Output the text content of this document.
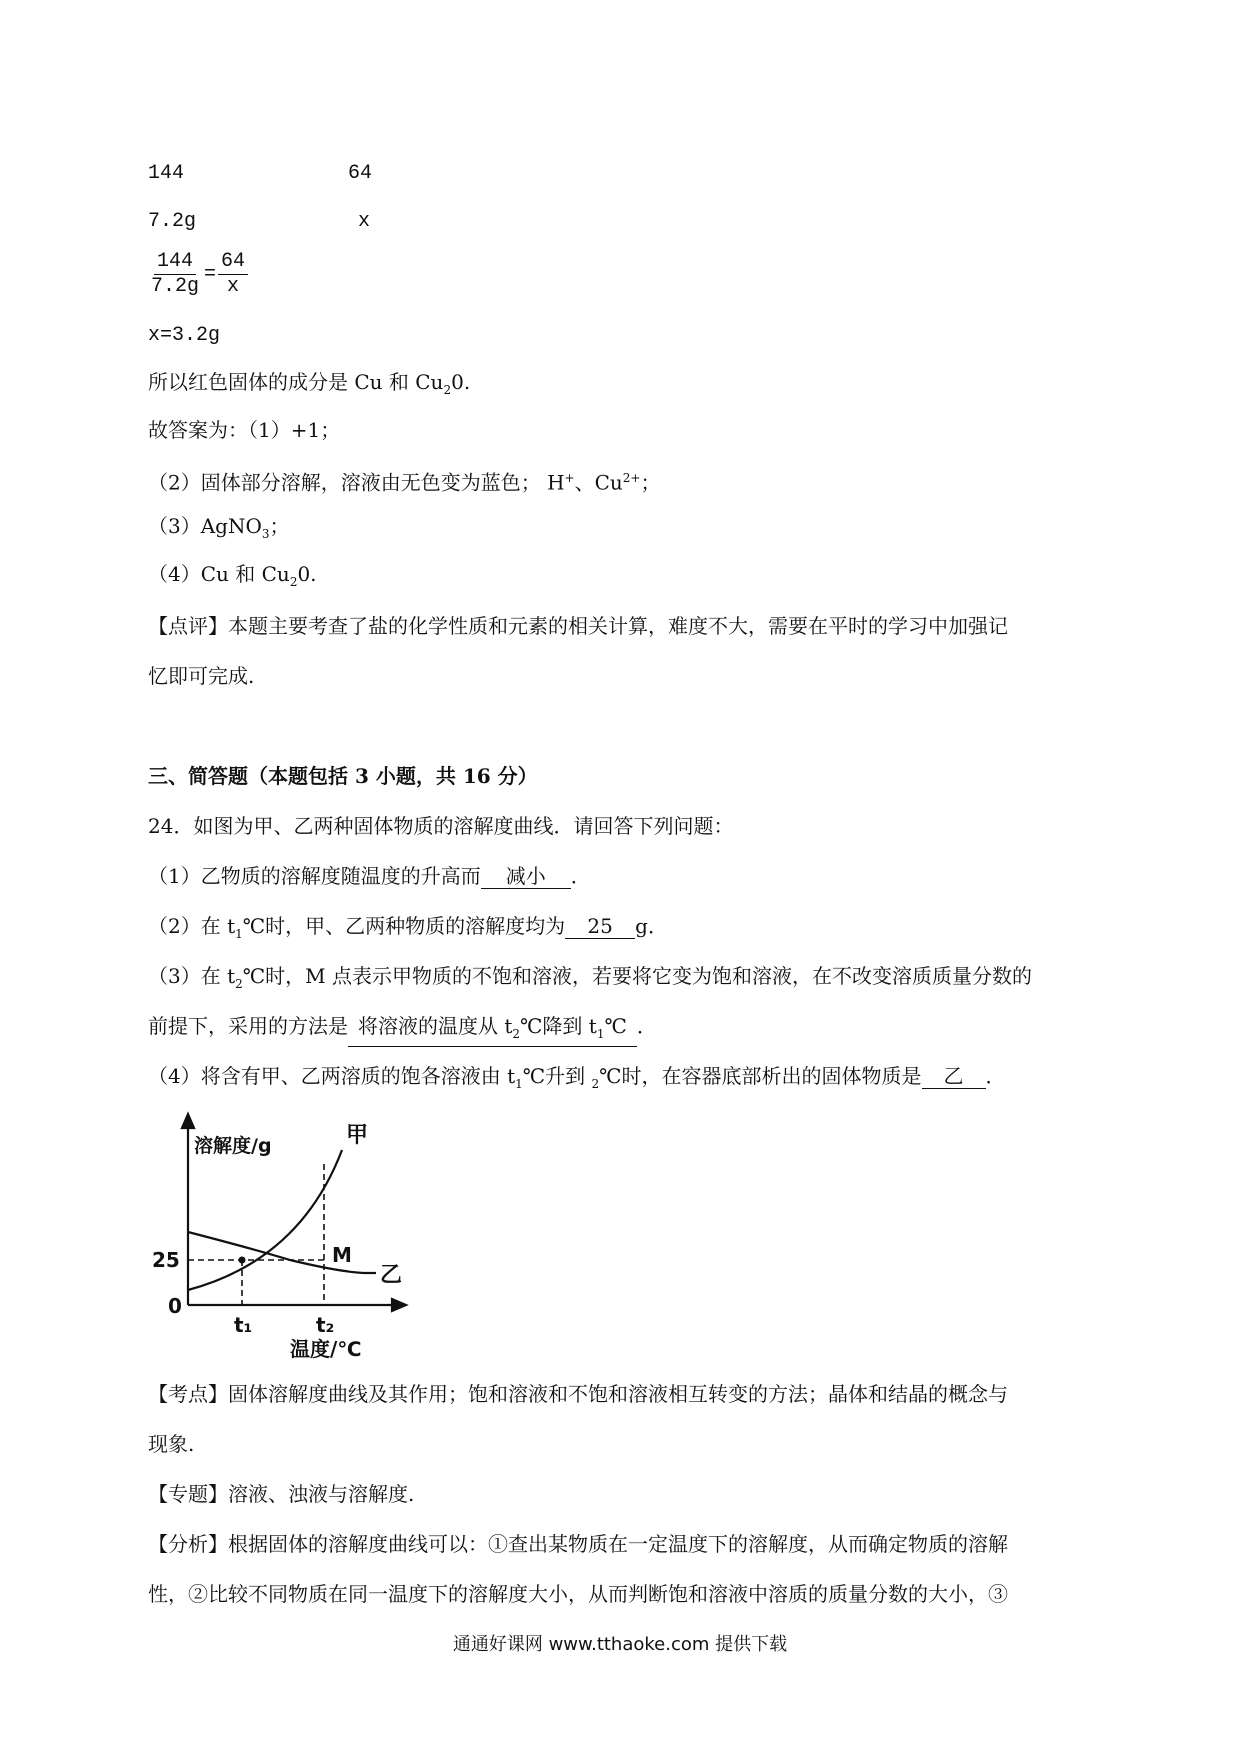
144	64
7.2g	x
$\frac{144}{7.2g} = \frac{64}{x}$
x=3.2g
所以红色固体的成分是 Cu 和 $Cu_20$.
故答案为：（1）+1；
（2）固体部分溶解，溶液由无色变为蓝色； H+、$Cu^{2+}$；
（3）AgNO$_3$；
（4）Cu 和 $Cu_20$.
【点评】本题主要考查了盐的化学性质和元素的相关计算，难度不大，需要在平时的学习中加强记
忆即可完成.
三、简答题（本题包括 3 小题，共 16 分）
24．如图为甲、乙两种固体物质的溶解度曲线．请回答下列问题：
（1）乙物质的溶解度随温度的升高而 减小 ．
（2）在 $t_1℃$时，甲、乙两种物质的溶解度均为 25 g．
（3）在 $t_2℃$时，M 点表示甲物质的不饱和溶液，若要将它变为饱和溶液，在不改变溶质质量分数的
前提下，采用的方法是 将溶液的温度从 $t_2℃$降到 $t_1℃$ ．
（4）将含有甲、乙两溶质的饱各溶液由 $t_1℃$升到 $_2$℃时，在容器底部析出的固体物质是 乙 ．
溶解度/g	甲
乙
M
25
0
t₁	t₂
温度/℃
【考点】固体溶解度曲线及其作用；饱和溶液和不饱和溶液相互转变的方法；晶体和结晶的概念与
现象.
【专题】溶液、浊液与溶解度.
【分析】根据固体的溶解度曲线可以：①查出某物质在一定温度下的溶解度，从而确定物质的溶解
性，②比较不同物质在同一温度下的溶解度大小，从而判断饱和溶液中溶质的质量分数的大小，③
通通好课网 www.tthaoke.com 提供下载
